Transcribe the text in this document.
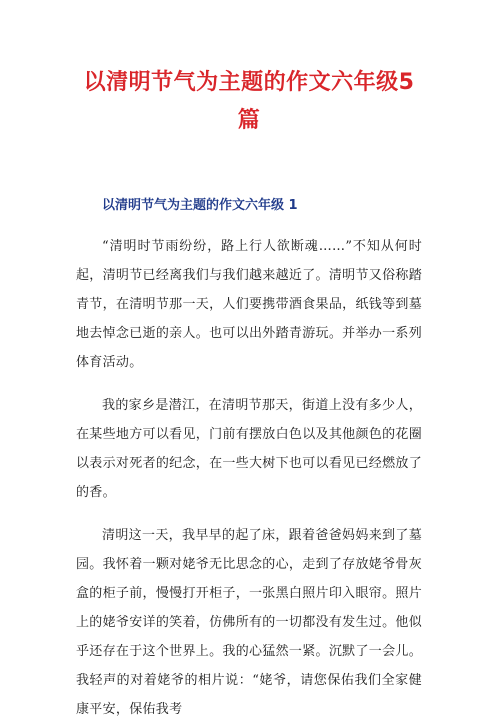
以清明节气为主题的作文六年级5篇
以清明节气为主题的作文六年级 1

“清明时节雨纷纷，路上行人欲断魂……”不知从何时起，清明节已经离我们与我们越来越近了。清明节又俗称踏青节，在清明节那一天，人们要携带酒食果品，纸钱等到墓地去悼念已逝的亲人。也可以出外踏青游玩。并举办一系列体育活动。

我的家乡是潜江，在清明节那天，街道上没有多少人，在某些地方可以看见，门前有摆放白色以及其他颜色的花圈以表示对死者的纪念，在一些大树下也可以看见已经燃放了的香。

清明这一天，我早早的起了床，跟着爸爸妈妈来到了墓园。我怀着一颗对姥爷无比思念的心，走到了存放姥爷骨灰盒的柜子前，慢慢打开柜子，一张黑白照片印入眼帘。照片上的姥爷安详的笑着，仿佛所有的一切都没有发生过。他似乎还存在于这个世界上。我的心猛然一紧。沉默了一会儿。我轻声的对着姥爷的相片说：“姥爷，请您保佑我们全家健康平安，保佑我考
